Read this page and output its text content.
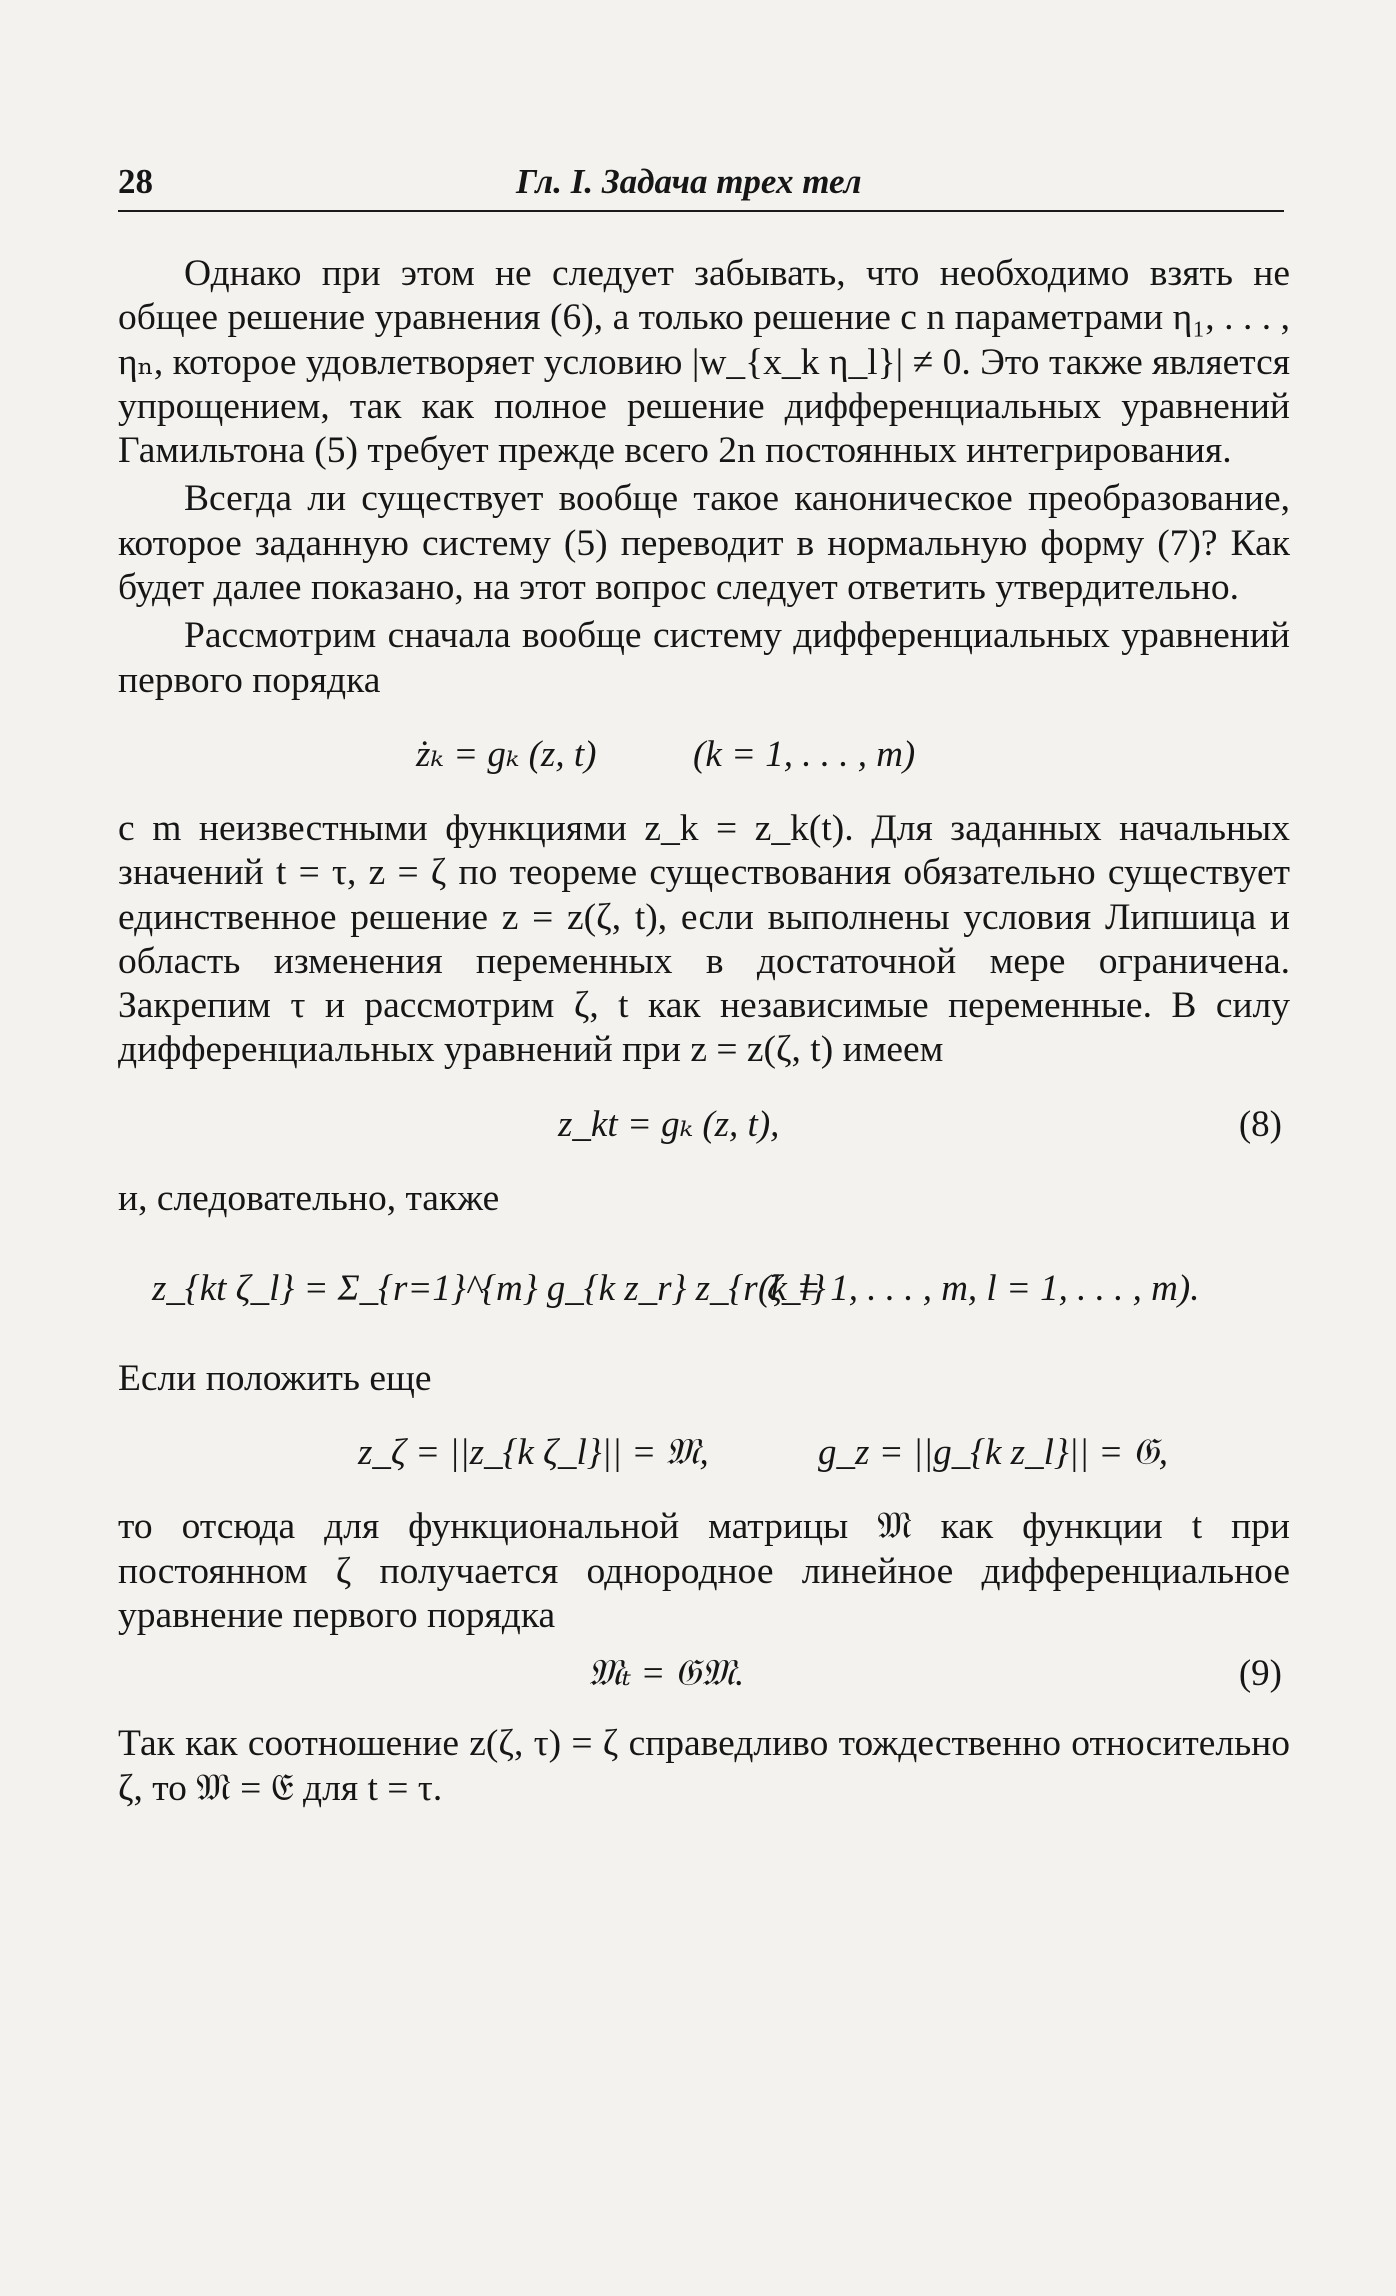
28	Гл. I. Задача трех тел

Однако при этом не следует забывать, что необходимо взять не общее решение уравнения (6), а только решение с n параметрами η₁, . . . , ηₙ, которое удовлетворяет условию |w_{x_k η_l}| ≠ 0. Это также является упрощением, так как полное решение дифференциальных уравнений Гамильтона (5) требует прежде всего 2n постоянных интегрирования.

Всегда ли существует вообще такое каноническое преобразование, которое заданную систему (5) переводит в нормальную форму (7)? Как будет далее показано, на этот вопрос следует ответить утвердительно.

Рассмотрим сначала вообще систему дифференциальных уравнений первого порядка

żₖ = gₖ (z, t)	(k = 1, . . . , m)

с m неизвестными функциями z_k = z_k(t). Для заданных начальных значений t = τ, z = ζ по теореме существования обязательно существует единственное решение z = z(ζ, t), если выполнены условия Липшица и область изменения переменных в достаточной мере ограничена. Закрепим τ и рассмотрим ζ, t как независимые переменные. В силу дифференциальных уравнений при z = z(ζ, t) имеем

z_kt = gₖ (z, t),	(8)

и, следовательно, также

z_{kt ζ_l} = Σ_{r=1}^{m} g_{k z_r} z_{r ζ_l}
(k = 1, . . . , m, l = 1, . . . , m).

Если положить еще

z_ζ = ||z_{k ζ_l}|| = 𝔐,	g_z = ||g_{k z_l}|| = 𝔊,

то отсюда для функциональной матрицы 𝔐 как функции t при постоянном ζ получается однородное линейное дифференциальное уравнение первого порядка

𝔐ₜ = 𝔊𝔐.	(9)

Так как соотношение z(ζ, τ) = ζ справедливо тождественно относительно ζ, то 𝔐 = 𝔈 для t = τ.
